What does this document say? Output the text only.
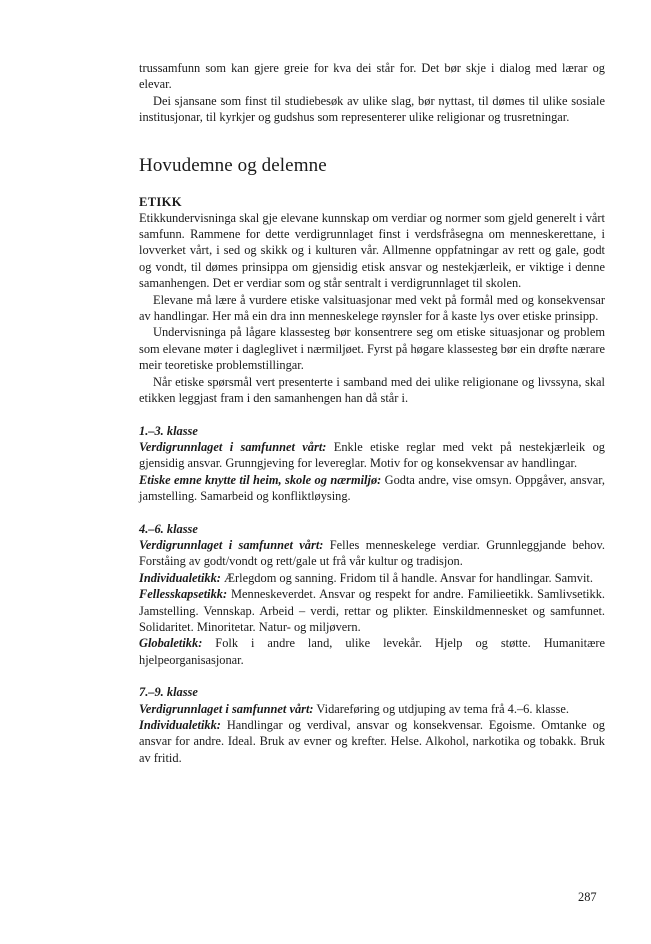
trussamfunn som kan gjere greie for kva dei står for. Det bør skje i dialog med lærar og elevar.

Dei sjansane som finst til studiebesøk av ulike slag, bør nyttast, til dømes til ulike sosiale institusjonar, til kyrkjer og gudshus som representerer ulike religionar og trusretningar.

Hovudemne og delemne
ETIKK

Etikkundervisninga skal gje elevane kunnskap om verdiar og normer som gjeld generelt i vårt samfunn. Rammene for dette verdigrunnlaget finst i verdsfråsegna om menneskerettane, i lovverket vårt, i sed og skikk og i kulturen vår. Allmenne oppfatningar av rett og gale, godt og vondt, til dømes prinsippa om gjensidig etisk ansvar og nestekjærleik, er viktige i denne samanhengen. Det er verdiar som og står sentralt i verdigrunnlaget til skolen.

Elevane må lære å vurdere etiske valsituasjonar med vekt på formål med og konsekvensar av handlingar. Her må ein dra inn menneskelege røynsler for å kaste lys over etiske prinsipp.

Undervisninga på lågare klassesteg bør konsentrere seg om etiske situasjonar og problem som elevane møter i dagleglivet i nærmiljøet. Fyrst på høgare klassesteg bør ein drøfte nærare meir teoretiske problemstillingar.

Når etiske spørsmål vert presenterte i samband med dei ulike religionane og livssyna, skal etikken leggjast fram i den samanhengen han då står i.

1.–3. klasse

Verdigrunnlaget i samfunnet vårt: Enkle etiske reglar med vekt på nestekjærleik og gjensidig ansvar. Grunngjeving for levereglar. Motiv for og konsekvensar av handlingar.

Etiske emne knytte til heim, skole og nærmiljø: Godta andre, vise omsyn. Oppgåver, ansvar, jamstelling. Samarbeid og konfliktløysing.

4.–6. klasse

Verdigrunnlaget i samfunnet vårt: Felles menneskelege verdiar. Grunnleggjande behov. Forståing av godt/vondt og rett/gale ut frå vår kultur og tradisjon.

Individualetikk: Ærlegdom og sanning. Fridom til å handle. Ansvar for handlingar. Samvit.

Fellesskapsetikk: Menneskeverdet. Ansvar og respekt for andre. Familieetikk. Samlivsetikk. Jamstelling. Vennskap. Arbeid – verdi, rettar og plikter. Einskildmennesket og samfunnet. Solidaritet. Minoritetar. Natur- og miljøvern.

Globaletikk: Folk i andre land, ulike levekår. Hjelp og støtte. Humanitære hjelpeorganisasjonar.

7.–9. klasse

Verdigrunnlaget i samfunnet vårt: Vidareføring og utdjuping av tema frå 4.–6. klasse.

Individualetikk: Handlingar og verdival, ansvar og konsekvensar. Egoisme. Omtanke og ansvar for andre. Ideal. Bruk av evner og krefter. Helse. Alkohol, narkotika og tobakk. Bruk av fritid.

287
